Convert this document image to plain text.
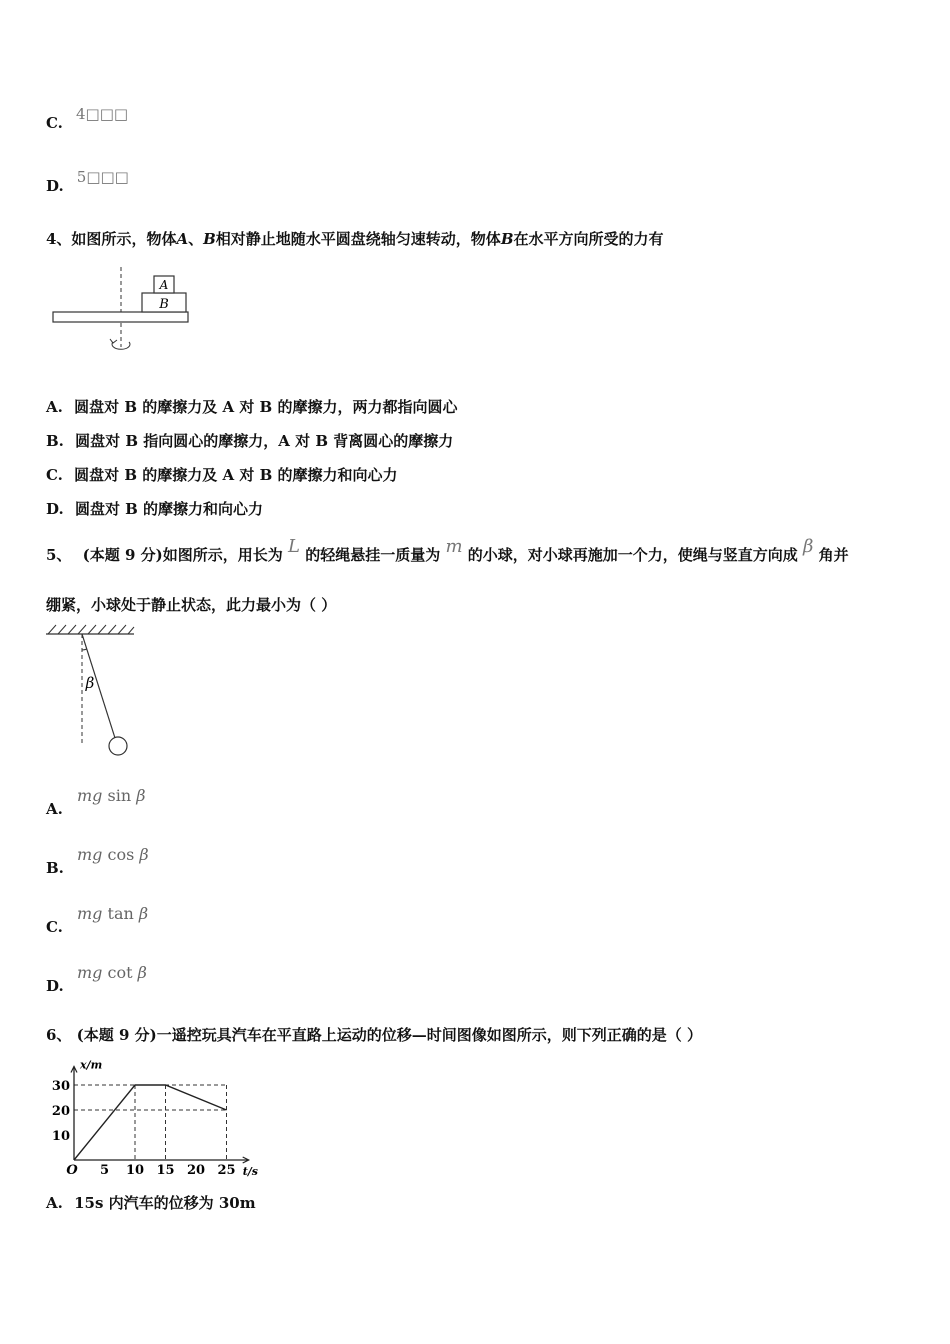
C. 4□□□
D. 5□□□
4、如图所示，物体A、B相对静止地随水平圆盘绕轴匀速转动，物体B在水平方向所受的力有
A
B
A. 圆盘对 B 的摩擦力及 A 对 B 的摩擦力，两力都指向圆心
B. 圆盘对 B 指向圆心的摩擦力，A 对 B 背离圆心的摩擦力
C. 圆盘对 B 的摩擦力及 A 对 B 的摩擦力和向心力
D. 圆盘对 B 的摩擦力和向心力
5、 (本题 9 分)如图所示，用长为 L 的轻绳悬挂一质量为 m 的小球，对小球再施加一个力，使绳与竖直方向成 β 角并
绷紧，小球处于静止状态，此力最小为（ ）
β
A.
mg sin β
B.
mg cos β
C.
mg tan β
D.
mg cot β
6、 (本题 9 分)一遥控玩具汽车在平直路上运动的位移—时间图像如图所示，则下列正确的是（ ）
5 10 15 20 25
10
20
30
x/m
t/s
O
A. 15s 内汽车的位移为 30m
